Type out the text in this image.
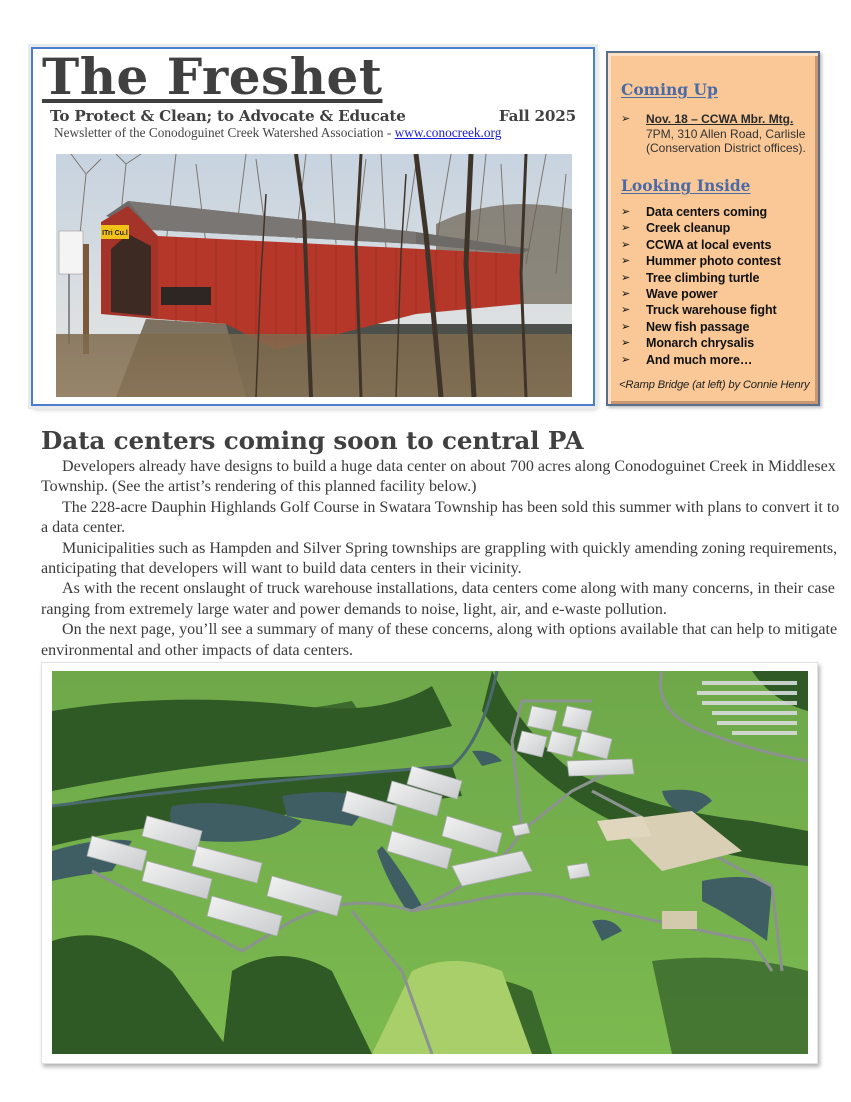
The Freshet
To Protect & Clean; to Advocate & Educate	Fall 2025
Newsletter of the Conodoguinet Creek Watershed Association - www.conocreek.org
ITri Cu.l
Coming Up
➢ Nov. 18 – CCWA Mbr. Mtg.
7PM, 310 Allen Road, Carlisle
(Conservation District offices).
Looking Inside
➢ Data centers coming
➢ Creek cleanup
➢ CCWA at local events
➢ Hummer photo contest
➢ Tree climbing turtle
➢ Wave power
➢ Truck warehouse fight
➢ New fish passage
➢ Monarch chrysalis
➢ And much more…
<Ramp Bridge (at left) by Connie Henry
Data centers coming soon to central PA

Developers already have designs to build a huge data center on about 700 acres along Conodoguinet Creek in Middlesex Township. (See the artist’s rendering of this planned facility below.)

The 228-acre Dauphin Highlands Golf Course in Swatara Township has been sold this summer with plans to convert it to a data center.

Municipalities such as Hampden and Silver Spring townships are grappling with quickly amending zoning requirements, anticipating that developers will want to build data centers in their vicinity.

As with the recent onslaught of truck warehouse installations, data centers come along with many concerns, in their case ranging from extremely large water and power demands to noise, light, air, and e-waste pollution.

On the next page, you’ll see a summary of many of these concerns, along with options available that can help to mitigate environmental and other impacts of data centers.
